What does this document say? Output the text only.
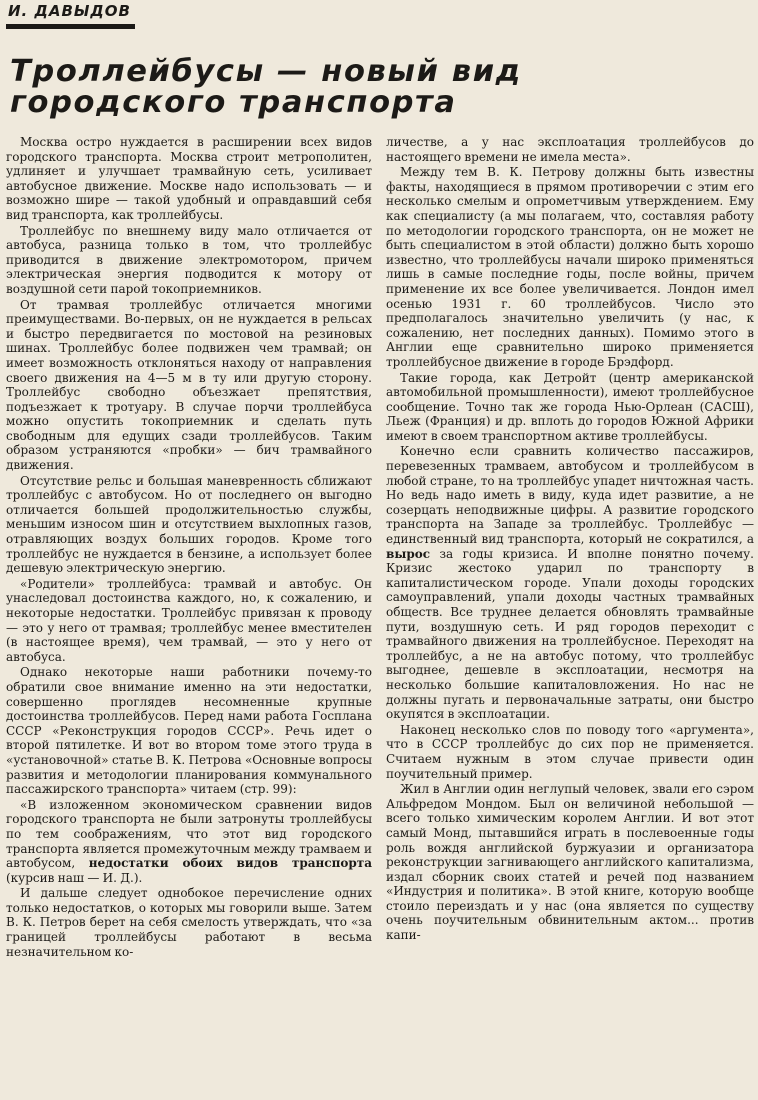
И. ДАВЫДОВ
Троллейбусы — новый вид
городского транспорта

Москва остро нуждается в расширении всех видов городского транспорта. Москва строит метрополитен, удлиняет и улучшает трамвайную сеть, усиливает автобусное движение. Москве надо использовать — и возможно шире — такой удобный и оправдавший себя вид транспорта, как троллейбусы.

Троллейбус по внешнему виду мало отличается от автобуса, разница только в том, что троллейбус приводится в движение электромотором, причем электрическая энергия подводится к мотору от воздушной сети парой токоприемников.

От трамвая троллейбус отличается многими преимуществами. Во-первых, он не нуждается в рельсах и быстро передвигается по мостовой на резиновых шинах. Троллейбус более подвижен чем трамвай; он имеет возможность отклоняться находу от направления своего движения на 4—5 м в ту или другую сторону. Троллейбус свободно объезжает препятствия, подъезжает к тротуару. В случае порчи троллейбуса можно опустить токоприемник и сделать путь свободным для едущих сзади троллейбусов. Таким образом устраняются «пробки» — бич трамвайного движения.

Отсутствие рельс и большая маневренность сближают троллейбус с автобусом. Но от последнего он выгодно отличается большей продолжительностью службы, меньшим износом шин и отсутствием выхлопных газов, отравляющих воздух больших городов. Кроме того троллейбус не нуждается в бензине, а использует более дешевую электрическую энергию.

«Родители» троллейбуса: трамвай и автобус. Он унаследовал достоинства каждого, но, к сожалению, и некоторые недостатки. Троллейбус привязан к проводу — это у него от трамвая; троллейбус менее вместителен (в настоящее время), чем трамвай, — это у него от автобуса.

Однако некоторые наши работники почему-то обратили свое внимание именно на эти недостатки, совершенно проглядев несомненные крупные достоинства троллейбусов. Перед нами работа Госплана СССР «Реконструкция городов СССР». Речь идет о второй пятилетке. И вот во втором томе этого труда в «установочной» статье В. К. Петрова «Основные вопросы развития и методологии планирования коммунального пассажирского транспорта» читаем (стр. 99):

«В изложенном экономическом сравнении видов городского транспорта не были затронуты троллейбусы по тем соображениям, что этот вид городского транспорта является промежуточным между трамваем и автобусом, недостатки обоих видов транспорта (курсив наш — И. Д.).

И дальше следует однобокое перечисление одних только недостатков, о которых мы говорили выше. Затем В. К. Петров берет на себя смелость утверждать, что «за границей троллейбусы работают в весьма незначительном ко-

личестве, а у нас эксплоатация троллейбусов до настоящего времени не имела места».

Между тем В. К. Петрову должны быть известны факты, находящиеся в прямом противоречии с этим его несколько смелым и опрометчивым утверждением. Ему как специалисту (а мы полагаем, что, составляя работу по методологии городского транспорта, он не может не быть специалистом в этой области) должно быть хорошо известно, что троллейбусы начали широко применяться лишь в самые последние годы, после войны, причем применение их все более увеличивается. Лондон имел осенью 1931 г. 60 троллейбусов. Число это предполагалось значительно увеличить (у нас, к сожалению, нет последних данных). Помимо этого в Англии еще сравнительно широко применяется троллейбусное движение в городе Брэдфорд.

Такие города, как Детройт (центр американской автомобильной промышленности), имеют троллейбусное сообщение. Точно так же города Нью-Орлеан (САСШ), Льеж (Франция) и др. вплоть до городов Южной Африки имеют в своем транспортном активе троллейбусы.

Конечно если сравнить количество пассажиров, перевезенных трамваем, автобусом и троллейбусом в любой стране, то на троллейбус упадет ничтожная часть. Но ведь надо иметь в виду, куда идет развитие, а не созерцать неподвижные цифры. А развитие городского транспорта на Западе за троллейбус. Троллейбус — единственный вид транспорта, который не сократился, а вырос за годы кризиса. И вполне понятно почему. Кризис жестоко ударил по транспорту в капиталистическом городе. Упали доходы городских самоуправлений, упали доходы частных трамвайных обществ. Все труднее делается обновлять трамвайные пути, воздушную сеть. И ряд городов переходит с трамвайного движения на троллейбусное. Переходят на троллейбус, а не на автобус потому, что троллейбус выгоднее, дешевле в эксплоатации, несмотря на несколько большие капиталовложения. Но нас не должны пугать и первоначальные затраты, они быстро окупятся в эксплоатации.

Наконец несколько слов по поводу того «аргумента», что в СССР троллейбус до сих пор не применяется. Считаем нужным в этом случае привести один поучительный пример.

Жил в Англии один неглупый человек, звали его сэром Альфредом Мондом. Был он величиной небольшой — всего только химическим королем Англии. И вот этот самый Монд, пытавшийся играть в послевоенные годы роль вождя английской буржуазии и организатора реконструкции загнивающего английского капитализма, издал сборник своих статей и речей под названием «Индустрия и политика». В этой книге, которую вообще стоило переиздать и у нас (она является по существу очень поучительным обвинительным актом... против капи-
